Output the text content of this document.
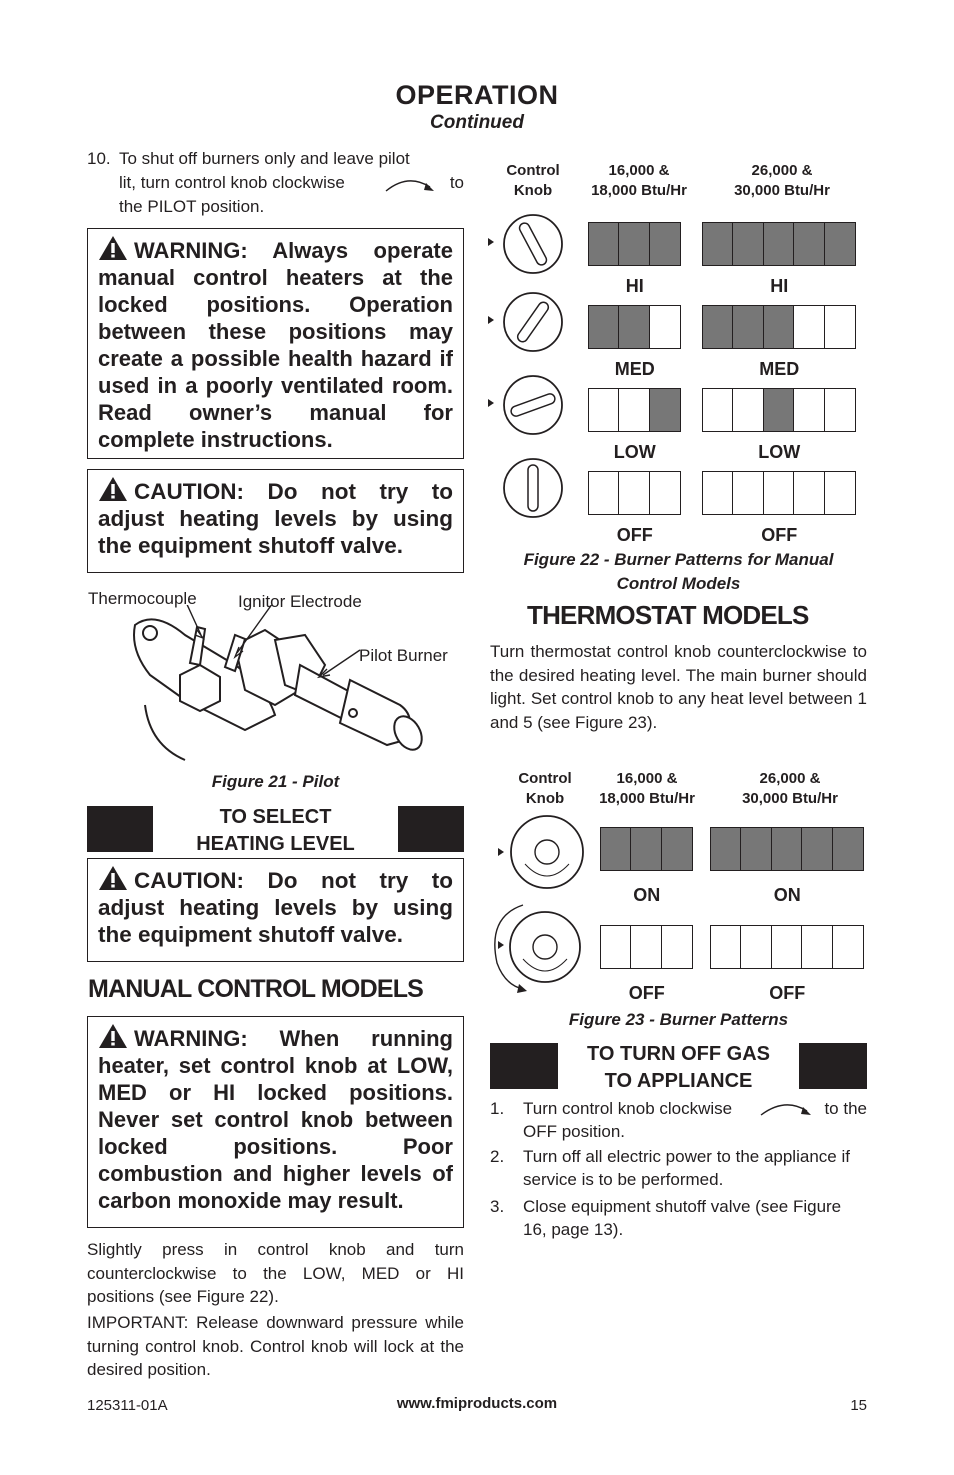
OPERATION
Continued
10. To shut off burners only and leave pilot
lit, turn control knob clockwise	to
the PILOT position.
WARNING: Always operate manual control heaters at the locked positions. Operation between these positions may create a possible health hazard if used in a poorly ventilated room. Read owner’s manual for complete instructions.
CAUTION: Do not try to adjust heating levels by using the equipment shutoff valve.
Thermocouple Ignitor Electrode
Pilot Burner
Figure 21 - Pilot
TO SELECT
HEATING LEVEL
CAUTION: Do not try to adjust heating levels by using the equipment shutoff valve.
MANUAL CONTROL MODELS
WARNING: When running heater, set control knob at LOW, MED or HI locked positions. Never set control knob between locked positions. Poor combustion and higher levels of carbon monoxide may result.
Slightly press in control knob and turn counterclockwise to the LOW, MED or HI positions (see Figure 22).
IMPORTANT: Release downward pressure while turning control knob. Control knob will lock at the desired position.
Control
Knob
16,000 &
18,000 Btu/Hr
26,000 &
30,000 Btu/Hr
HI	HI
MED	MED
LOW	LOW
OFF	OFF
Figure 22 - Burner Patterns for Manual
Control Models
THERMOSTAT MODELS
Turn thermostat control knob counterclockwise to the desired heating level. The main burner should light. Set control knob to any heat level between 1 and 5 (see Figure 23).
Control
Knob
16,000 &
18,000 Btu/Hr
26,000 &
30,000 Btu/Hr
ON	ON
OFF	OFF
Figure 23 - Burner Patterns
TO TURN OFF GAS
TO APPLIANCE
1. Turn control knob clockwise	to the
OFF position.
2. Turn off all electric power to the appliance if service is to be performed.
3. Close equipment shutoff valve (see Figure 16, page 13).
125311-01A	www.fmiproducts.com	15
